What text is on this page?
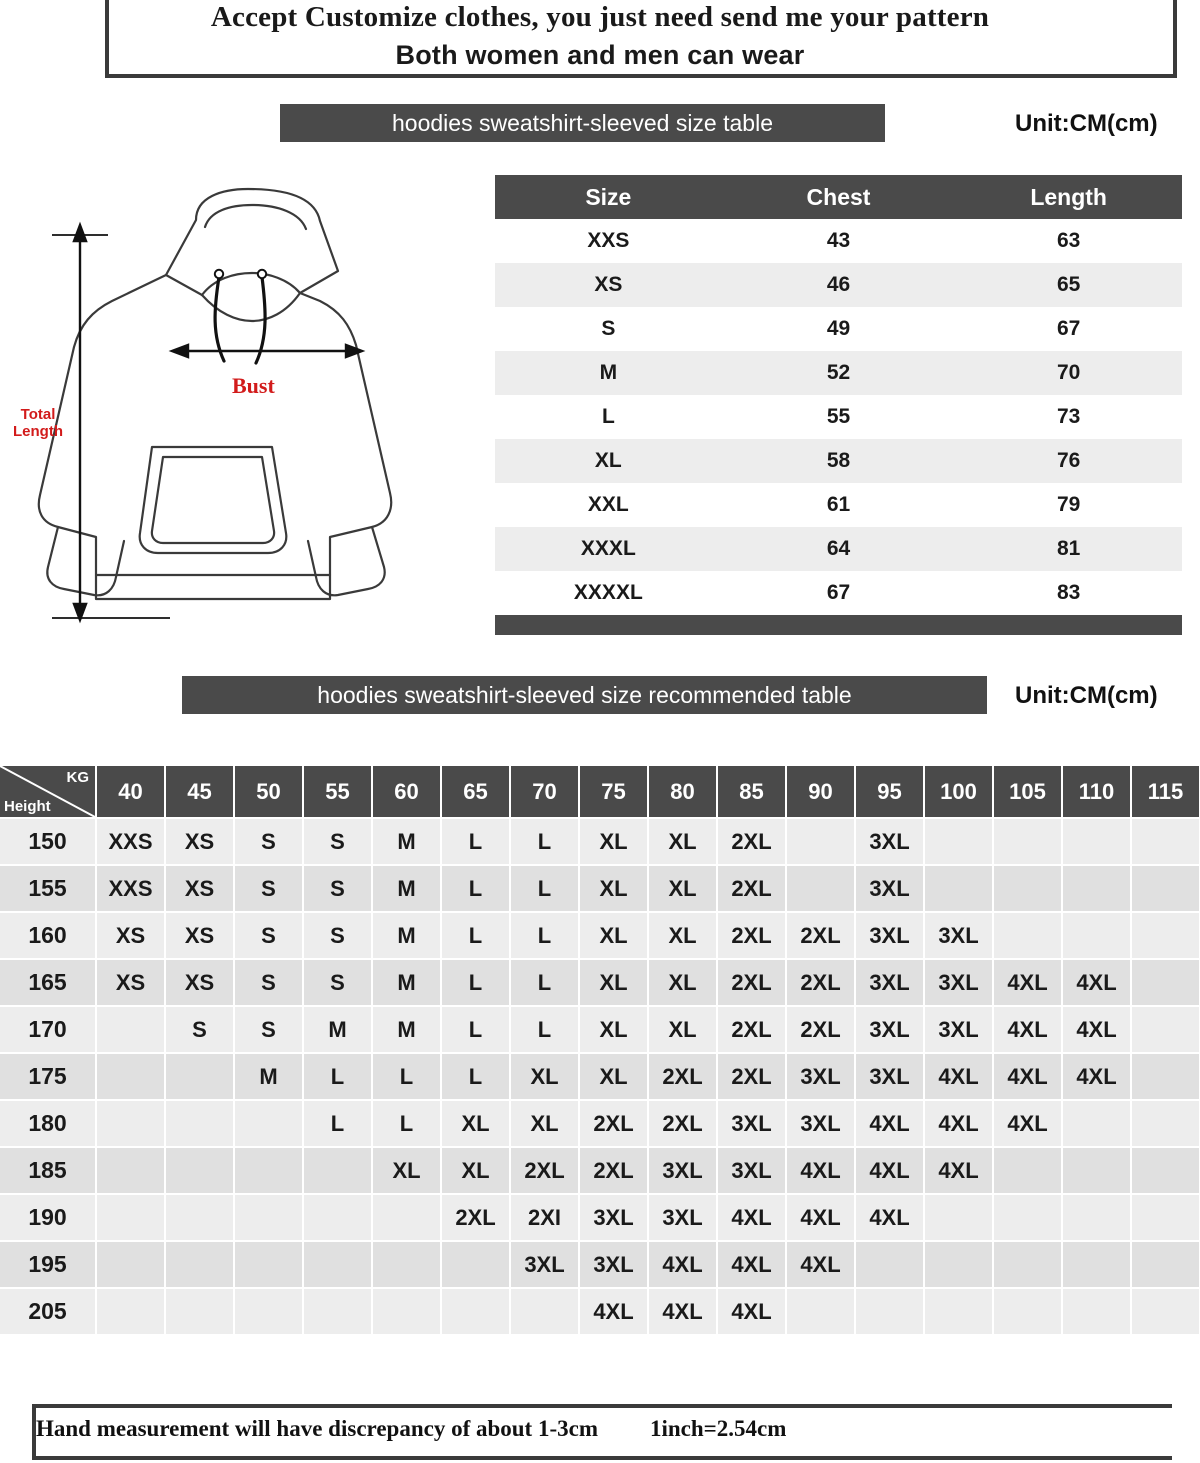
Accept Customize clothes, you just need send me your pattern
Both women and men can wear
hoodies sweatshirt-sleeved size table	Unit:CM(cm)
Bust
Total
Length
Size	Chest	Length
XXS	43	63
XS	46	65
S	49	67
M	52	70
L	55	73
XL	58	76
XXL	61	79
XXXL	64	81
XXXXL	67	83

hoodies sweatshirt-sleeved size recommended table	Unit:CM(cm)
KG
Height	40	45	50	55	60	65	70	75	80	85	90	95	100	105	110	115
150	XXS	XS	S	S	M	L	L	XL	XL	2XL		3XL				
155	XXS	XS	S	S	M	L	L	XL	XL	2XL		3XL				
160	XS	XS	S	S	M	L	L	XL	XL	2XL	2XL	3XL	3XL			
165	XS	XS	S	S	M	L	L	XL	XL	2XL	2XL	3XL	3XL	4XL	4XL	
170		S	S	M	M	L	L	XL	XL	2XL	2XL	3XL	3XL	4XL	4XL	
175			M	L	L	L	XL	XL	2XL	2XL	3XL	3XL	4XL	4XL	4XL	
180				L	L	XL	XL	2XL	2XL	3XL	3XL	4XL	4XL	4XL		
185					XL	XL	2XL	2XL	3XL	3XL	4XL	4XL	4XL			
190						2XL	2XI	3XL	3XL	4XL	4XL	4XL				
195							3XL	3XL	4XL	4XL	4XL					
205								4XL	4XL	4XL						
Hand measurement will have discrepancy of about 1-3cm 1inch=2.54cm
